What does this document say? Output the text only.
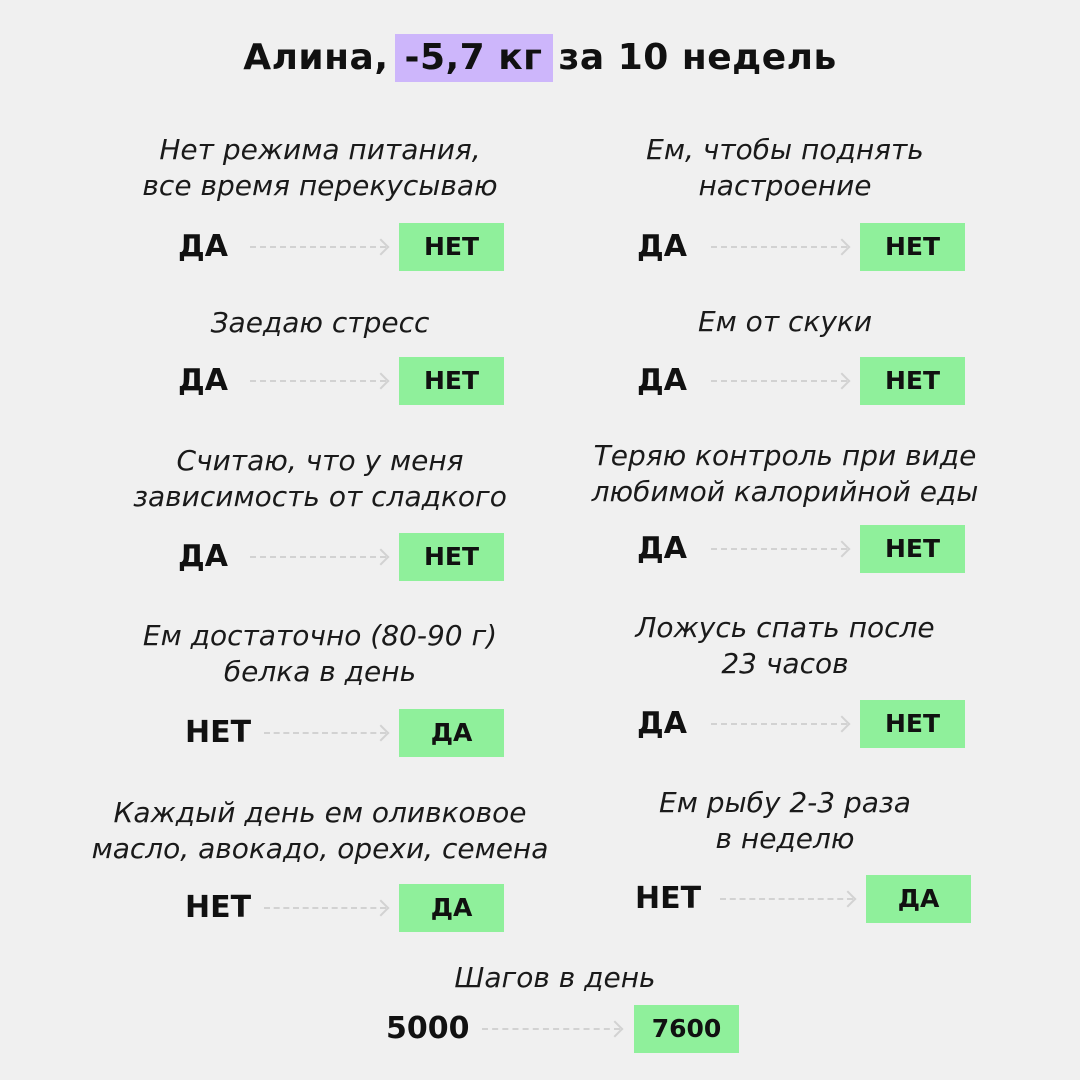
Алина, -5,7 кг за 10 недель
Нет режима питания,
все время перекусываю
ДА	НЕТ
Заедаю стресс
ДА	НЕТ
Считаю, что у меня
зависимость от сладкого
ДА	НЕТ
Ем достаточно (80-90 г)
белка в день
НЕТ	ДА
Каждый день ем оливковое
масло, авокадо, орехи, семена
НЕТ	ДА
Ем, чтобы поднять
настроение
ДА	НЕТ
Ем от скуки
ДА	НЕТ
Теряю контроль при виде
любимой калорийной еды
ДА	НЕТ
Ложусь спать после
23 часов
ДА	НЕТ
Ем рыбу 2-3 раза
в неделю
НЕТ	ДА
Шагов в день
5000	7600
